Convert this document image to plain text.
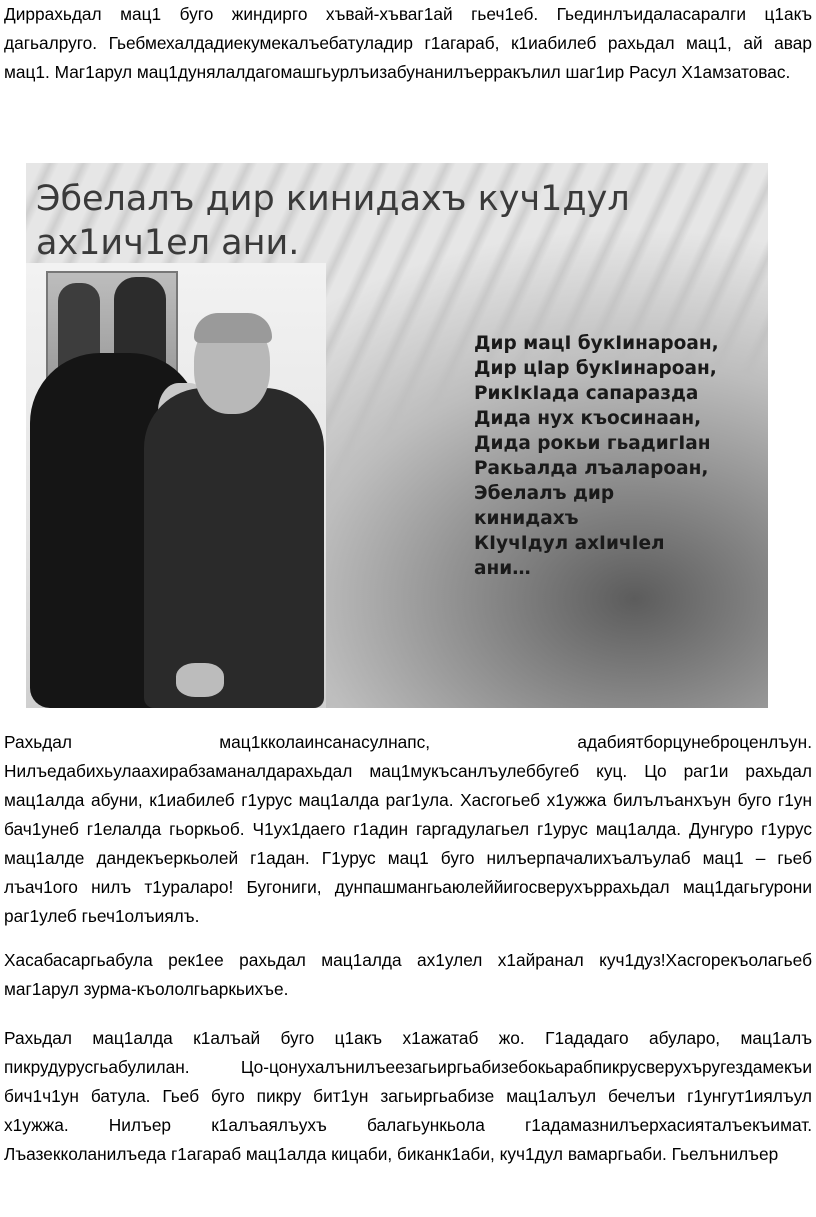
Диррахьдал мац1 буго жиндирго хъвай-хъваг1ай гьеч1еб. Гьединлъидаласаралги ц1акъ дагьалруго. Гьебмехалдадиекумекалъебатуладир г1агараб, к1иабилеб рахьдал мац1, ай авар мац1. Маг1арул мац1дунялалдагомашгьурлъизабунанилъерракълил шаг1ир Расул Х1амзатовас.

Эбелалъ дир кинидахъ куч1дул ах1ич1ел ани.
Дир мацI букIинароан,
Дир цIар букIинароан,
РикIкIада сапаразда
Дида нух къосинаан,
Дида рокьи гьадигIан
Ракьалда лъалароан,
Эбелалъ дир
кинидахъ
КIучIдул ахIичIел
ани…

Рахьдал мац1кколаинсанасулнапс, адабиятборцунеброценлъун. Нилъедабихьулаахирабзаманалдарахьдал мац1мукъсанлъулеббугеб куц. Цо раг1и рахьдал мац1алда абуни, к1иабилеб г1урус мац1алда раг1ула. Хасгогьеб х1ужжа билълъанхъун буго г1ун бач1унеб г1елалда гьоркьоб. Ч1ух1даего г1адин гаргадулагьел г1урус мац1алда. Дунгуро г1урус мац1алде дандекъеркьолей г1адан. Г1урус мац1 буго нилъерпачалихъалъулаб мац1 – гьеб лъач1ого нилъ т1ураларо! Бугониги, дунпашмангьаюлеййигосверухъррахьдал мац1дагьгурони раг1улеб гьеч1олъиялъ.

Хасабасаргьабула рек1ее рахьдал мац1алда ах1улел х1айранал куч1дуз!Хасгорекъолагьеб маг1арул зурма-къололгьаркьихъе.

Рахьдал мац1алда к1алъай буго ц1акъ х1ажатаб жо. Г1ададаго абуларо, мац1алъ пикрудурусгьабулилан. Цо-цонухалънилъеезагьиргьабизебокьарабпикрусверухъругездамекъи бич1ч1ун батула. Гьеб буго пикру бит1ун загьиргьабизе мац1алъул бечелъи г1унгут1иялъул х1ужжа. Нилъер к1алъаялъухъ балагьункьола г1адамазнилъерхасияталъекъимат. Лъазекколанилъеда г1агараб мац1алда кицаби, биканк1аби, куч1дул вамаргьаби. Гьелънилъер
